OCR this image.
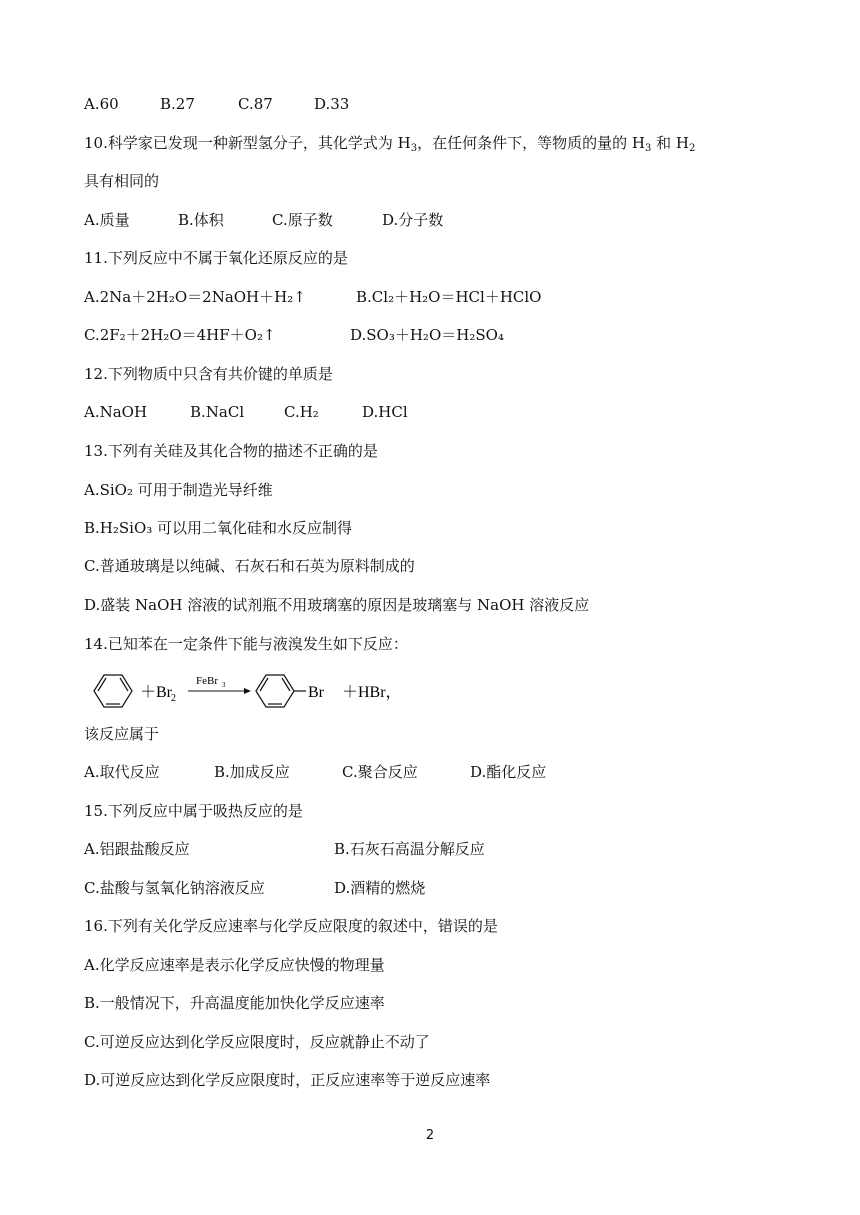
A.60	B.27	C.87	D.33
10.科学家已发现一种新型氢分子，其化学式为 $H_3$，在任何条件下，等物质的量的 $H_3$ 和 $H_2$
具有相同的
A.质量	B.体积	C.原子数	D.分子数
11.下列反应中不属于氧化还原反应的是
A.2Na＋2H₂O＝2NaOH＋H₂↑	B.Cl₂＋H₂O＝HCl＋HClO
C.2F₂＋2H₂O＝4HF＋O₂↑	D.SO₃＋H₂O＝H₂SO₄
12.下列物质中只含有共价键的单质是
A.NaOH	B.NaCl	C.H₂	D.HCl
13.下列有关硅及其化合物的描述不正确的是
A.SiO₂ 可用于制造光导纤维
B.H₂SiO₃ 可以用二氧化硅和水反应制得
C.普通玻璃是以纯碱、石灰石和石英为原料制成的
D.盛装 NaOH 溶液的试剂瓶不用玻璃塞的原因是玻璃塞与 NaOH 溶液反应
14.已知苯在一定条件下能与液溴发生如下反应：
＋Br
2
FeBr 3	Br ＋HBr，
该反应属于
A.取代反应	B.加成反应	C.聚合反应	D.酯化反应
15.下列反应中属于吸热反应的是
A.铝跟盐酸反应	B.石灰石高温分解反应
C.盐酸与氢氧化钠溶液反应	D.酒精的燃烧
16.下列有关化学反应速率与化学反应限度的叙述中，错误的是
A.化学反应速率是表示化学反应快慢的物理量
B.一般情况下，升高温度能加快化学反应速率
C.可逆反应达到化学反应限度时，反应就静止不动了
D.可逆反应达到化学反应限度时，正反应速率等于逆反应速率
2
